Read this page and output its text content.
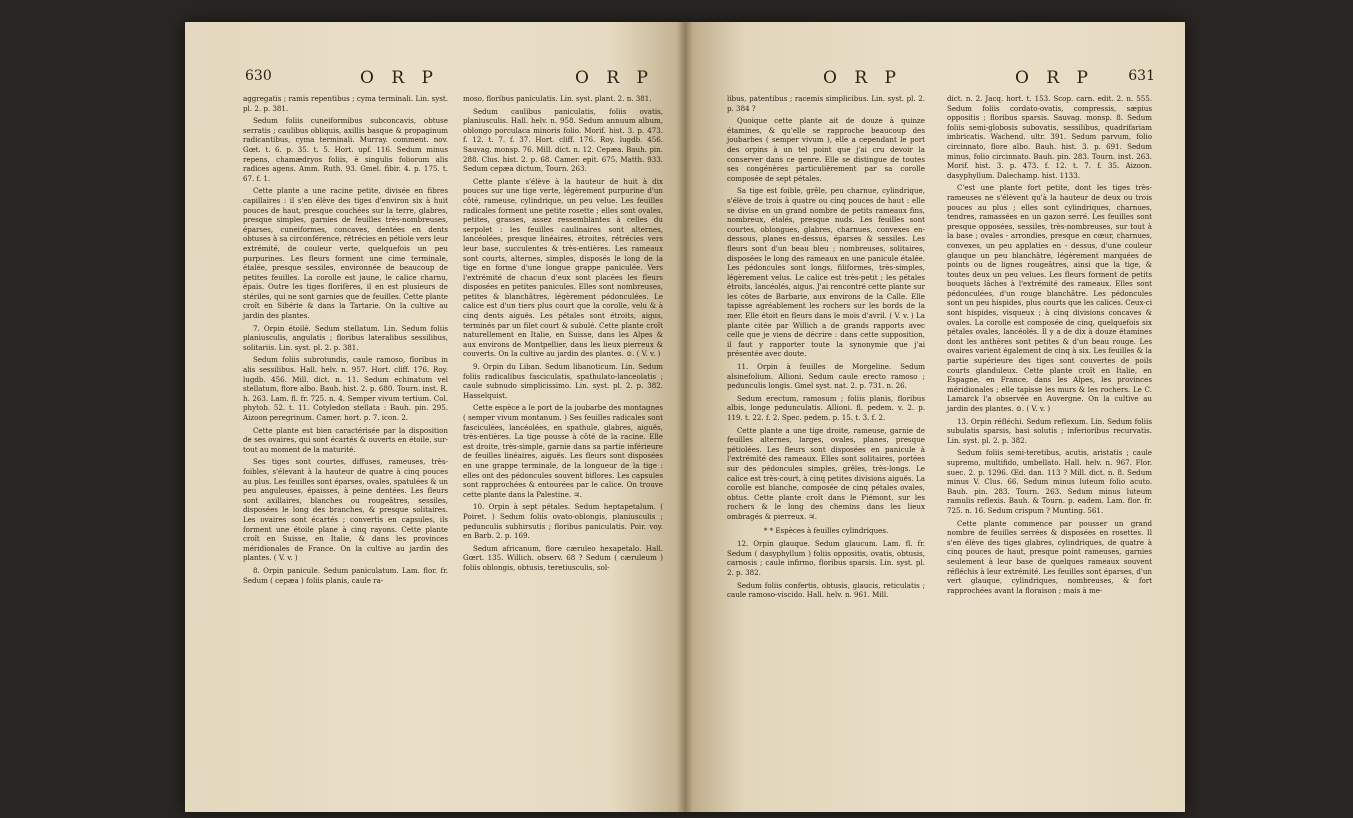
630	O R P	O R P

aggregatis ; ramis repentibus ; cyma terminali. Lin. syst. pl. 2. p. 381.

Sedum foliis cuneiformibus subconcavis, obtuse serratis ; caulibus obliquis, axillis basque & propaginum radicantibus, cyma terminali. Murray. comment. nov. Gœt. t. 6. p. 35. t. 5. Hort. upf. 116. Sedum minus repens, chamædryos foliis, è singulis foliorum alis radices agens. Amm. Ruth. 93. Gmel. fibir. 4. p. 175. t. 67. f. 1.

Cette plante a une racine petite, divisée en fibres capillaires : il s'en élève des tiges d'environ six à huit pouces de haut, presque couchées sur la terre, glabres, presque simples, garnies de feuilles très-nombreuses, éparses, cuneiformes, concaves, dentées en dents obtuses à sa circonférence, rétrécies en pétiole vers leur extrémité, de couleur verte, quelquefois un peu purpurines. Les fleurs forment une cime terminale, étalée, presque sessiles, environnée de beaucoup de petites feuilles. La corolle est jaune, le calice charnu, épais. Outre les tiges florifères, il en est plusieurs de stériles, qui ne sont garnies que de feuilles. Cette plante croît en Sibérie & dans la Tartarie. On la cultive au jardin des plantes.

7. Orpin étoilé. Sedum stellatum. Lin. Sedum foliis planiusculis, angulatis ; floribus lateralibus sessilibus, solitariis. Lin. syst. pl. 2. p. 381.

Sedum foliis subrotundis, caule ramoso, floribus in alis sessilibus. Hall. helv. n. 957. Hort. cliff. 176. Roy. lugdb. 456. Mill. dict. n. 11. Sedum echinatum vel stellatum, flore albo. Bauh. hist. 2. p. 680. Tourn. inst. R. h. 263. Lam. fl. fr. 725. n. 4. Semper vivum tertium. Col. phytob. 52. t. 11. Cotyledon stellata : Bauh. pin. 295. Aizoon peregrinum. Camer. hort. p. 7. icon. 2.

Cette plante est bien caractérisée par la disposition de ses ovaires, qui sont écartés & ouverts en étoile, sur-tout au moment de la maturité.

Ses tiges sont courtes, diffuses, rameuses, très-foibles, s'élevant à la hauteur de quatre à cinq pouces au plus. Les feuilles sont éparses, ovales, spatulées & un peu anguleuses, épaisses, à peine dentées. Les fleurs sont axillaires, blanches ou rougeâtres, sessiles, disposées le long des branches, & presque solitaires. Les ovaires sont écartés ; convertis en capsules, ils forment une étoile plane à cinq rayons. Cette plante croît en Suisse, en Italie, & dans les provinces méridionales de France. On la cultive au jardin des plantes. ( V. v. )

8. Orpin panicule. Sedum paniculatum. Lam. flor. fr. Sedum ( cepæa ) foliis planis, caule ra-

moso, floribus paniculatis. Lin. syst. plant. 2. n. 381.

Sedum caulibus paniculatis, foliis ovatis, planiusculis. Hall. helv. n. 958. Sedum annuum album, oblongo porculaca minoris folio. Morif. hist. 3. p. 473. f. 12. t. 7. f. 37. Hort. cliff. 176. Roy. lugdb. 456. Sauvag. monsp. 76. Mill. dict. n. 12. Cepæa. Bauh. pin. 288. Clus. hist. 2. p. 68. Camer. epit. 675. Matth. 933. Sedum cepæa dictum, Tourn. 263.

Cette plante s'élève à la hauteur de huit à dix pouces sur une tige verte, légèrement purpurine d'un côté, rameuse, cylindrique, un peu velue. Les feuilles radicales forment une petite rosette ; elles sont ovales, petites, grasses, assez ressemblantes à celles du serpolet : les feuilles caulinaires sont alternes, lancéolées, presque linéaires, étroites, rétrécies vers leur base, succulentes & très-entières. Les rameaux sont courts, alternes, simples, disposés le long de la tige en forme d'une longue grappe paniculée. Vers l'extrémité de chacun d'eux sont placées les fleurs disposées en petites panicules. Elles sont nombreuses, petites & blanchâtres, légèrement pédonculées. Le calice est d'un tiers plus court que la corolle, velu & à cinq dents aiguës. Les pétales sont étroits, aigus, terminés par un filet court & subulé. Cette plante croît naturellement en Italie, en Suisse, dans les Alpes & aux environs de Montpellier, dans les lieux pierreux & couverts. On la cultive au jardin des plantes. ⊙. ( V. v. )

9. Orpin du Liban. Sedum libanoticum. Lin. Sedum foliis radicalibus fasciculatis, spathulato-lanceolatis ; caule subnudo simplicissimo. Lin. syst. pl. 2. p. 382. Hasselquist.

Cette espèce a le port de la joubarbe des montagnes ( semper vivum montanum. ) Ses feuilles radicales sont fasciculées, lancéolées, en spathule, glabres, aiguës, très-entières. La tige pousse à côté de la racine. Elle est droite, très-simple, garnie dans sa partie inférieure de feuilles linéaires, aiguës. Les fleurs sont disposées en une grappe terminale, de la longueur de la tige : elles ont des pédoncules souvent biflores. Les capsules sont rapprochées & entourées par le calice. On trouve cette plante dans la Palestine. ♃.

10. Orpin à sept pétales. Sedum heptapetalum. ( Poiret. ) Sedum foliis ovato-oblongis, planiusculis ; pedunculis subhirsutis ; floribus paniculatis. Poir. voy. en Barb. 2. p. 169.

Sedum africanum, flore cæruleo hexapetalo. Hall. Gœrt. 135. Willich. observ. 68 ? Sedum ( cæruleum ) foliis oblongis, obtusis, teretiusculis, sol-

O R P	O R P 631

libus, patentibus ; racemis simplicibus. Lin. syst. pl. 2. p. 384 ?

Quoique cette plante ait de douze à quinze étamines, & qu'elle se rapproche beaucoup des joubarbes ( semper vivum ), elle a cependant le port des orpins à un tel point que j'ai cru devoir la conserver dans ce genre. Elle se distingue de toutes ses congénères particulièrement par sa corolle composée de sept pétales.

Sa tige est foible, grêle, peu charnue, cylindrique, s'élève de trois à quatre ou cinq pouces de haut : elle se divise en un grand nombre de petits rameaux fins, nombreux, étalés, presque nuds. Les feuilles sont courtes, oblongues, glabres, charnues, convexes en-dessous, planes en-dessus, éparses & sessiles. Les fleurs sont d'un beau bleu ; nombreuses, solitaires, disposées le long des rameaux en une panicule étalée. Les pédoncules sont longs, filiformes, très-simples, légèrement velus. Le calice est très-petit ; les pétales étroits, lancéolés, aigus. J'ai rencontré cette plante sur les côtes de Barbarie, aux environs de la Calle. Elle tapisse agréablement les rochers sur les bords de la mer. Elle étoit en fleurs dans le mois d'avril. ( V. v. ) La plante citée par Willich a de grands rapports avec celle que je viens de décrire : dans cette supposition, il faut y rapporter toute la synonymie que j'ai présentée avec doute.

11. Orpin à feuilles de Morgeline. Sedum alsinefolium. Allioni. Sedum caule erecto ramoso ; pedunculis longis. Gmel syst. nat. 2. p. 731. n. 26.

Sedum erectum, ramosum ; foliis planis, floribus albis, longe pedunculatis. Allioni. fl. pedem. v. 2. p. 119. t. 22. f. 2. Spec. pedem. p. 15. t. 3. f. 2.

Cette plante a une tige droite, rameuse, garnie de feuilles alternes, larges, ovales, planes, presque pétiolées. Les fleurs sont disposées en panicule à l'extrémité des rameaux. Elles sont solitaires, portées sur des pédoncules simples, grêles, très-longs. Le calice est très-court, à cinq petites divisions aiguës. La corolle est blanche, composée de cinq pétales ovales, obtus. Cette plante croît dans le Piémont, sur les rochers & le long des chemins dans les lieux ombragés & pierreux. ♃.

* * Espèces à feuilles cylindriques.

12. Orpin glauque. Sedum glaucum. Lam. fl. fr. Sedum ( dasyphyllum ) foliis oppositis, ovatis, obtusis, carnosis ; caule infirmo, floribus sparsis. Lin. syst. pl. 2. p. 382.

Sedum foliis confertis, obtusis, glaucis, reticulatis ; caule ramoso-viscido. Hall. helv. n. 961. Mill.

dict. n. 2. Jacq. hort. t. 153. Scop. carn. edit. 2. n. 555. Sedum foliis cordato-ovatis, compressis, sæpius oppositis ; floribus sparsis. Sauvag. monsp. 8. Sedum foliis semi-globosis subovatis, sessilibus, quadrifariam imbricatis. Wachend. ultr. 391. Sedum parvum, folio circinnato, flore albo. Bauh. hist. 3. p. 691. Sedum minus, folio circinnato. Bauh. pin. 283. Tourn. inst. 263. Morif. hist. 3. p. 473. f. 12. t. 7. f. 35. Aizoon. dasyphyllum. Dalechamp. hist. 1133.

C'est une plante fort petite, dont les tiges très-rameuses ne s'élèvent qu'à la hauteur de deux ou trois pouces au plus ; elles sont cylindriques, charnues, tendres, ramassées en un gazon serré. Les feuilles sont presque opposées, sessiles, très-nombreuses, sur tout à la base ; ovales - arrondies, presque en cœur, charnues, convexes, un peu applaties en - dessus, d'une couleur glauque un peu blanchâtre, légèrement marquées de points ou de lignes rougeâtres, ainsi que la tige, & toutes deux un peu velues. Les fleurs forment de petits bouquets lâches à l'extrémité des rameaux. Elles sont pédonculées, d'un rouge blanchâtre. Les pédoncules sont un peu hispides, plus courts que les calices. Ceux-ci sont hispides, visqueux ; à cinq divisions concaves & ovales. La corolle est composée de cinq, quelquefois six pétales ovales, lancéolés. Il y a de dix à douze étamines dont les anthères sont petites & d'un beau rouge. Les ovaires varient également de cinq à six. Les feuilles & la partie supérieure des tiges sont couvertes de poils courts glanduleux. Cette plante croît en Italie, en Espagne, en France, dans les Alpes, les provinces méridionales ; elle tapisse les murs & les rochers. Le C. Lamarck l'a observée en Auvergne. On la cultive au jardin des plantes. ⊙. ( V. v. )

13. Orpin réfléchi. Sedum reflexum. Lin. Sedum foliis subulatis sparsis, basi solutis ; inferioribus recurvatis. Lin. syst. pl. 2. p. 382.

Sedum foliis semi-teretibus, acutis, aristatis ; caule supremo, multifido, umbellato. Hall. helv. n. 967. Flor. suec. 2. p. 1296. Œd. dan. 113 ? Mill. dict. n. 8. Sedum minus V. Clus. 66. Sedum minus luteum folio acuto. Bauh. pin. 283. Tourn. 263. Sedum minus luteum ramulis reflexis. Bauh. & Tourn. p. eadem. Lam. flor. fr. 725. n. 16. Sedum crispum ? Munting. 561.

Cette plante commence par pousser un grand nombre de feuilles serrées & disposées en rosettes. Il s'en élève des tiges glabres, cylindriques, de quatre à cinq pouces de haut, presque point rameuses, garnies seulement à leur base de quelques rameaux souvent réfléchis à leur extrémité. Les feuilles sont éparses, d'un vert glauque, cylindriques, nombreuses, & fort rapprochées avant la floraison ; mais à me-
